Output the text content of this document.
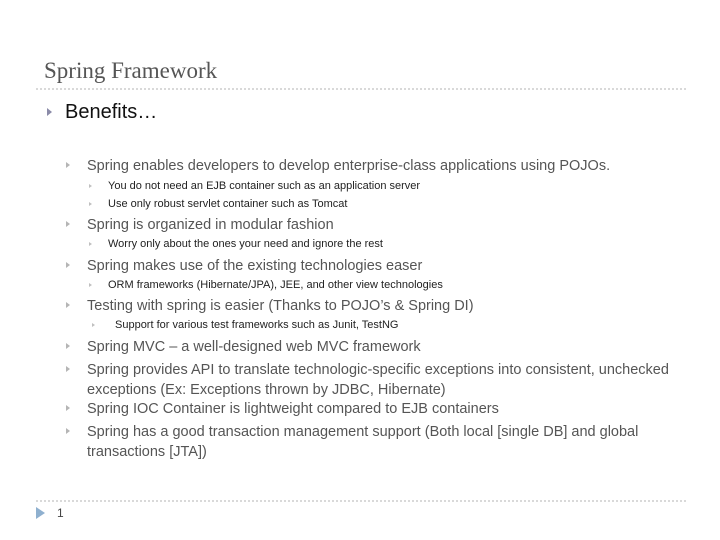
Spring Framework
Benefits…
Spring enables developers to develop enterprise-class applications using POJOs.
You do not need an EJB container such as an application server
Use only robust servlet container such as Tomcat
Spring is organized in modular fashion
Worry only about the ones your need and ignore the rest
Spring makes use of the existing technologies easer
ORM frameworks (Hibernate/JPA), JEE, and other view technologies
Testing with spring is easier (Thanks to POJO’s & Spring DI)
Support for various test frameworks such as Junit, TestNG
Spring MVC – a well-designed web MVC framework
Spring provides API to translate technologic-specific exceptions into consistent, unchecked exceptions (Ex: Exceptions thrown by JDBC, Hibernate)
Spring IOC Container is lightweight compared to EJB containers
Spring has a good transaction management support (Both local [single DB] and global transactions [JTA])
1
